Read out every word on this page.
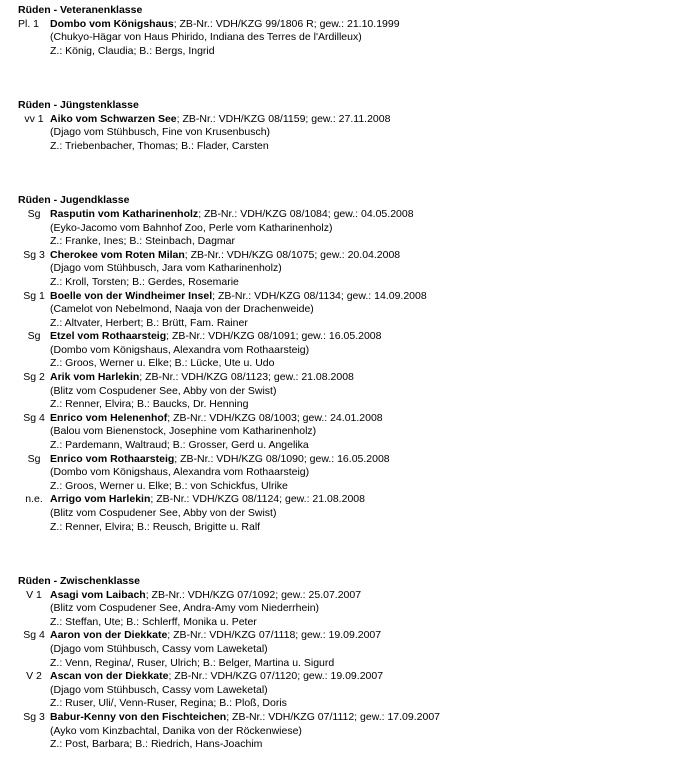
Rüden - Veteranenklasse
Pl. 1	Dombo vom Königshaus; ZB-Nr.: VDH/KZG 99/1806 R; gew.: 21.10.1999
(Chukyo-Hägar von Haus Phirido, Indiana des Terres de l'Ardilleux)
Z.: König, Claudia; B.: Bergs, Ingrid
Rüden - Jüngstenklasse
vv 1 Aiko vom Schwarzen See; ZB-Nr.: VDH/KZG 08/1159; gew.: 27.11.2008
(Djago vom Stühbusch, Fine von Krusenbusch)
Z.: Triebenbacher, Thomas; B.: Flader, Carsten
Rüden - Jugendklasse
Sg Rasputin vom Katharinenholz; ZB-Nr.: VDH/KZG 08/1084; gew.: 04.05.2008
(Eyko-Jacomo vom Bahnhof Zoo, Perle vom Katharinenholz)
Z.: Franke, Ines; B.: Steinbach, Dagmar
Sg 3 Cherokee vom Roten Milan; ZB-Nr.: VDH/KZG 08/1075; gew.: 20.04.2008
(Djago vom Stühbusch, Jara vom Katharinenholz)
Z.: Kroll, Torsten; B.: Gerdes, Rosemarie
Sg 1 Boelle von der Windheimer Insel; ZB-Nr.: VDH/KZG 08/1134; gew.: 14.09.2008
(Camelot von Nebelmond, Naaja von der Drachenweide)
Z.: Altvater, Herbert; B.: Brütt, Fam. Rainer
Sg Etzel vom Rothaarsteig; ZB-Nr.: VDH/KZG 08/1091; gew.: 16.05.2008
(Dombo vom Königshaus, Alexandra vom Rothaarsteig)
Z.: Groos, Werner u. Elke; B.: Lücke, Ute u. Udo
Sg 2 Arik vom Harlekin; ZB-Nr.: VDH/KZG 08/1123; gew.: 21.08.2008
(Blitz vom Cospudener See, Abby von der Swist)
Z.: Renner, Elvira; B.: Baucks, Dr. Henning
Sg 4 Enrico vom Helenenhof; ZB-Nr.: VDH/KZG 08/1003; gew.: 24.01.2008
(Balou vom Bienenstock, Josephine vom Katharinenholz)
Z.: Pardemann, Waltraud; B.: Grosser, Gerd u. Angelika
Sg Enrico vom Rothaarsteig; ZB-Nr.: VDH/KZG 08/1090; gew.: 16.05.2008
(Dombo vom Königshaus, Alexandra vom Rothaarsteig)
Z.: Groos, Werner u. Elke; B.: von Schickfus, Ulrike
n.e. Arrigo vom Harlekin; ZB-Nr.: VDH/KZG 08/1124; gew.: 21.08.2008
(Blitz vom Cospudener See, Abby von der Swist)
Z.: Renner, Elvira; B.: Reusch, Brigitte u. Ralf
Rüden - Zwischenklasse
V 1 Asagi vom Laibach; ZB-Nr.: VDH/KZG 07/1092; gew.: 25.07.2007
(Blitz vom Cospudener See, Andra-Amy vom Niederrhein)
Z.: Steffan, Ute; B.: Schlerff, Monika u. Peter
Sg 4 Aaron von der Diekkate; ZB-Nr.: VDH/KZG 07/1118; gew.: 19.09.2007
(Djago vom Stühbusch, Cassy vom Laweketal)
Z.: Venn, Regina/, Ruser, Ulrich; B.: Belger, Martina u. Sigurd
V 2 Ascan von der Diekkate; ZB-Nr.: VDH/KZG 07/1120; gew.: 19.09.2007
(Djago vom Stühbusch, Cassy vom Laweketal)
Z.: Ruser, Uli/, Venn-Ruser, Regina; B.: Ploß, Doris
Sg 3 Babur-Kenny von den Fischteichen; ZB-Nr.: VDH/KZG 07/1112; gew.: 17.09.2007
(Ayko vom Kinzbachtal, Danika von der Röckenwiese)
Z.: Post, Barbara; B.: Riedrich, Hans-Joachim
